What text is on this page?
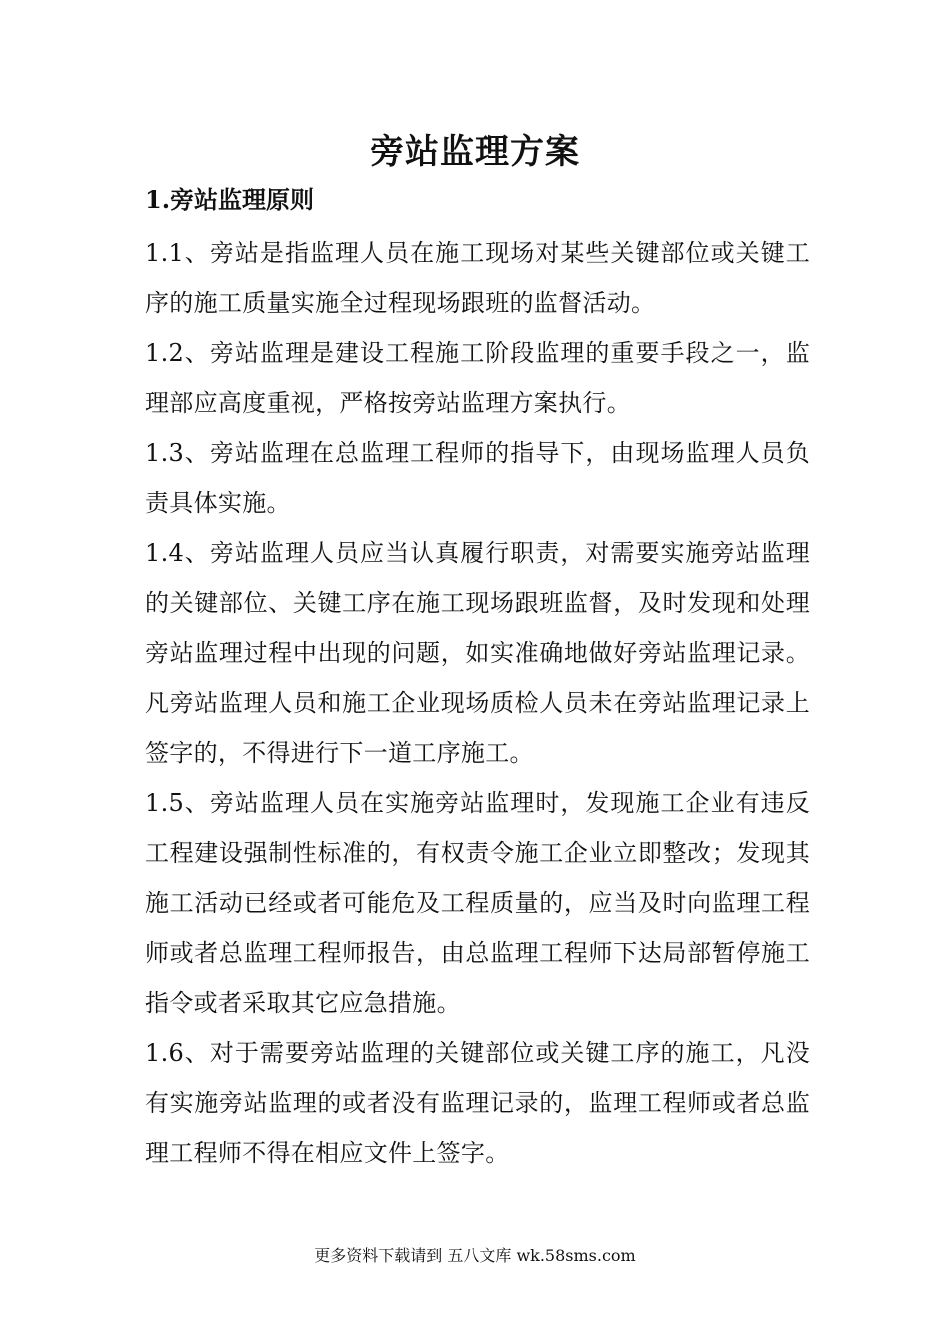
旁站监理方案
1.旁站监理原则

1.1、旁站是指监理人员在施工现场对某些关键部位或关键工序的施工质量实施全过程现场跟班的监督活动。

1.2、旁站监理是建设工程施工阶段监理的重要手段之一，监理部应高度重视，严格按旁站监理方案执行。

1.3、旁站监理在总监理工程师的指导下，由现场监理人员负责具体实施。

1.4、旁站监理人员应当认真履行职责，对需要实施旁站监理的关键部位、关键工序在施工现场跟班监督，及时发现和处理旁站监理过程中出现的问题，如实准确地做好旁站监理记录。凡旁站监理人员和施工企业现场质检人员未在旁站监理记录上签字的，不得进行下一道工序施工。

1.5、旁站监理人员在实施旁站监理时，发现施工企业有违反工程建设强制性标准的，有权责令施工企业立即整改；发现其施工活动已经或者可能危及工程质量的，应当及时向监理工程师或者总监理工程师报告，由总监理工程师下达局部暂停施工指令或者采取其它应急措施。

1.6、对于需要旁站监理的关键部位或关键工序的施工，凡没有实施旁站监理的或者没有监理记录的，监理工程师或者总监理工程师不得在相应文件上签字。

更多资料下载请到 五八文库 wk.58sms.com
